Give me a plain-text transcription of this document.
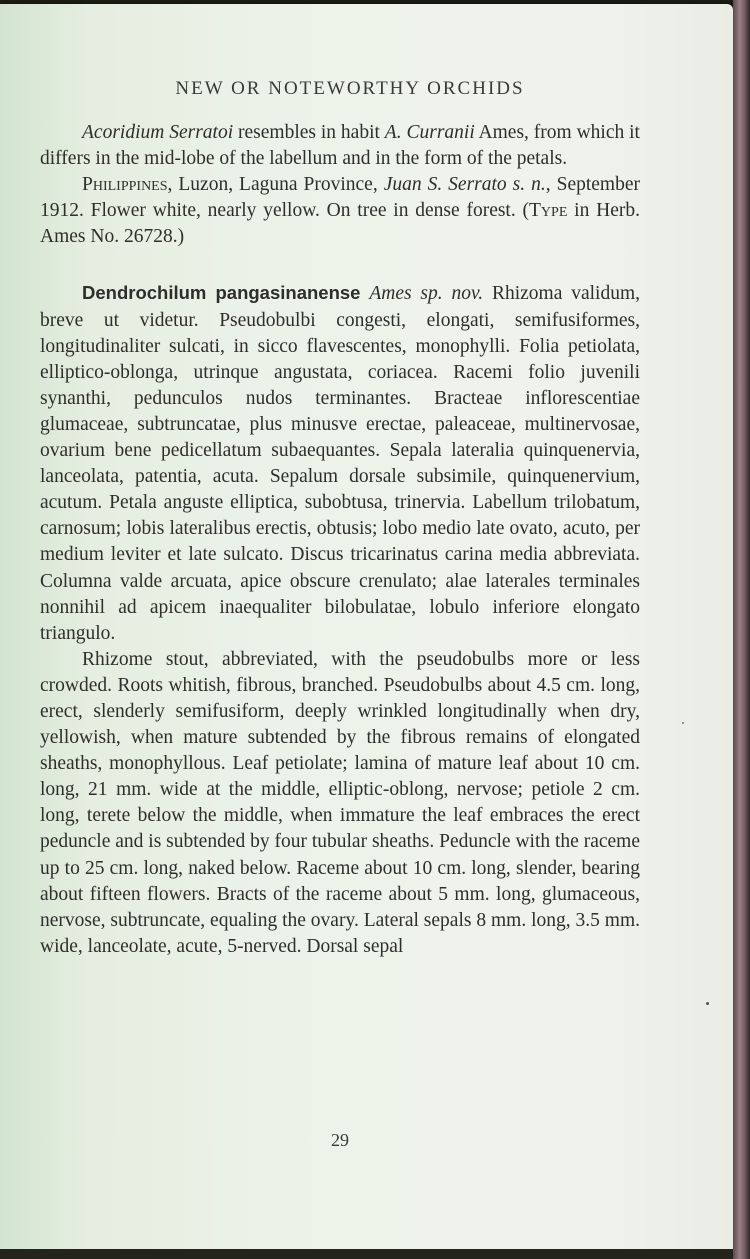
NEW OR NOTEWORTHY ORCHIDS

Acoridium Serratoi resembles in habit A. Curranii Ames, from which it differs in the mid-lobe of the labellum and in the form of the petals.

Philippines, Luzon, Laguna Province, Juan S. Serrato s. n., September 1912. Flower white, nearly yellow. On tree in dense forest. (Type in Herb. Ames No. 26728.)

Dendrochilum pangasinanense Ames sp. nov. Rhizoma validum, breve ut videtur. Pseudobulbi congesti, elongati, semifusiformes, longitudinaliter sulcati, in sicco flavescentes, monophylli. Folia petiolata, elliptico-oblonga, utrinque angustata, coriacea. Racemi folio juvenili synanthi, pedunculos nudos terminantes. Bracteae inflorescentiae glumaceae, subtruncatae, plus minusve erectae, paleaceae, multinervosae, ovarium bene pedicellatum subaequantes. Sepala lateralia quinquenervia, lanceolata, patentia, acuta. Sepalum dorsale subsimile, quinquenervium, acutum. Petala anguste elliptica, subobtusa, trinervia. Labellum trilobatum, carnosum; lobis lateralibus erectis, obtusis; lobo medio late ovato, acuto, per medium leviter et late sulcato. Discus tricarinatus carina media abbreviata. Columna valde arcuata, apice obscure crenulato; alae laterales terminales nonnihil ad apicem inaequaliter bilobulatae, lobulo inferiore elongato triangulo.

Rhizome stout, abbreviated, with the pseudobulbs more or less crowded. Roots whitish, fibrous, branched. Pseudobulbs about 4.5 cm. long, erect, slenderly semifusiform, deeply wrinkled longitudinally when dry, yellowish, when mature subtended by the fibrous remains of elongated sheaths, monophyllous. Leaf petiolate; lamina of mature leaf about 10 cm. long, 21 mm. wide at the middle, elliptic-oblong, nervose; petiole 2 cm. long, terete below the middle, when immature the leaf embraces the erect peduncle and is subtended by four tubular sheaths. Peduncle with the raceme up to 25 cm. long, naked below. Raceme about 10 cm. long, slender, bearing about fifteen flowers. Bracts of the raceme about 5 mm. long, glumaceous, nervose, subtruncate, equaling the ovary. Lateral sepals 8 mm. long, 3.5 mm. wide, lanceolate, acute, 5-nerved. Dorsal sepal

29
